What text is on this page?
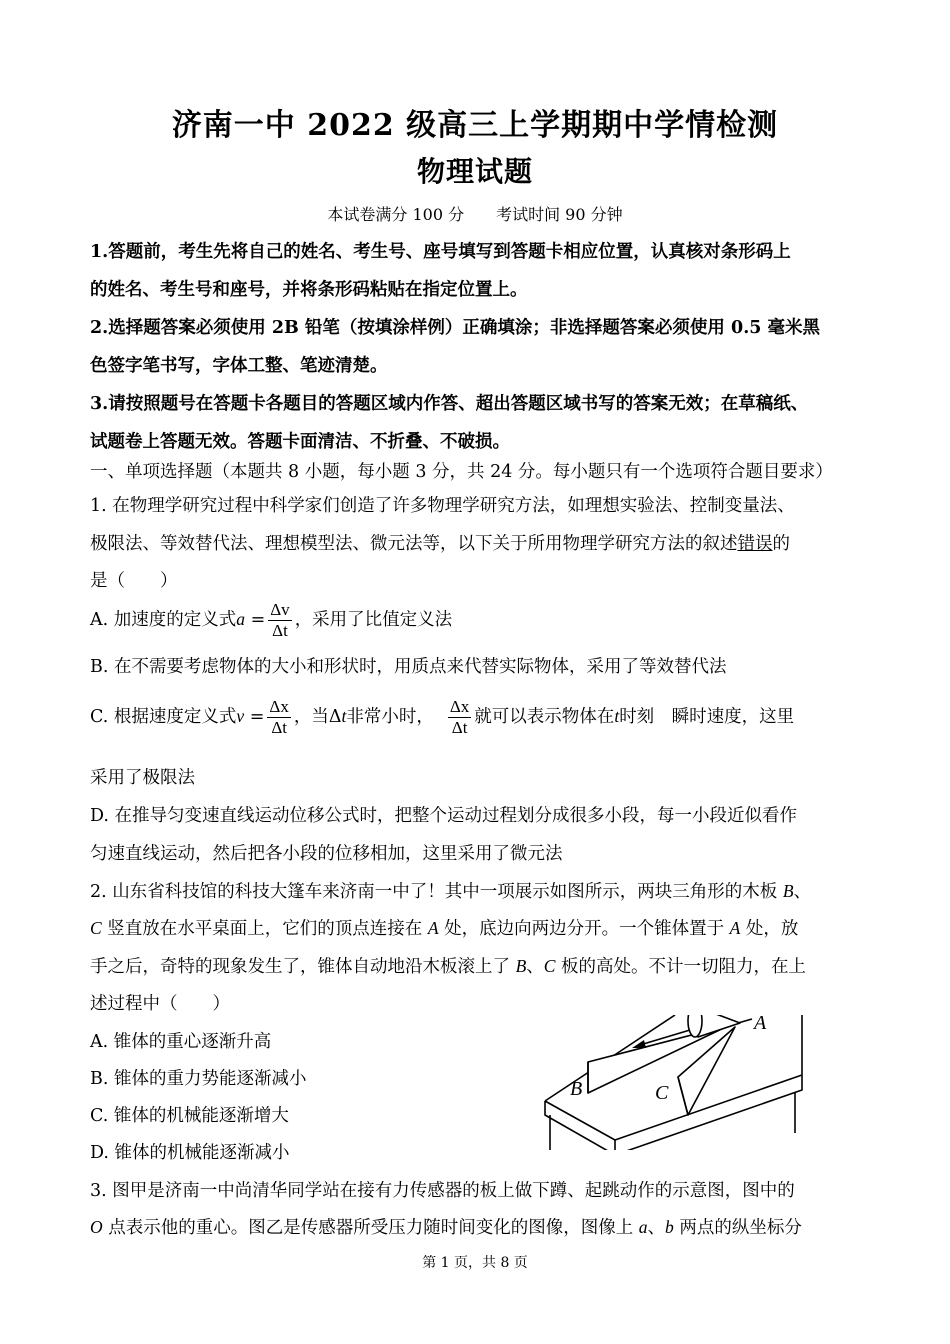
济南一中 2022 级高三上学期期中学情检测
物理试题
本试卷满分 100 分　　考试时间 90 分钟
1.答题前，考生先将自己的姓名、考生号、座号填写到答题卡相应位置，认真核对条形码上
的姓名、考生号和座号，并将条形码粘贴在指定位置上。
2.选择题答案必须使用 2B 铅笔（按填涂样例）正确填涂；非选择题答案必须使用 0.5 毫米黑
色签字笔书写，字体工整、笔迹清楚。
3.请按照题号在答题卡各题目的答题区域内作答、超出答题区域书写的答案无效；在草稿纸、
试题卷上答题无效。答题卡面清洁、不折叠、不破损。
一、单项选择题（本题共 8 小题，每小题 3 分，共 24 分。每小题只有一个选项符合题目要求）
1. 在物理学研究过程中科学家们创造了许多物理学研究方法，如理想实验法、控制变量法、
极限法、等效替代法、理想模型法、微元法等，以下关于所用物理学研究方法的叙述错误的
是（　　）
A. 加速度的定义式$a = \frac{\Delta v}{\Delta t}$ ，采用了比值定义法
B. 在不需要考虑物体的大小和形状时，用质点来代替实际物体，采用了等效替代法
C. 根据速度定义式$v = \frac{\Delta x}{\Delta t}$ ，当Δt非常小时， $\frac{\Delta x}{\Delta t}$ 就可以表示物体在t时刻　瞬时速度，这里
采用了极限法
D. 在推导匀变速直线运动位移公式时，把整个运动过程划分成很多小段，每一小段近似看作
匀速直线运动，然后把各小段的位移相加，这里采用了微元法
2. 山东省科技馆的科技大篷车来济南一中了！其中一项展示如图所示，两块三角形的木板 B、
C 竖直放在水平桌面上，它们的顶点连接在 A 处，底边向两边分开。一个锥体置于 A 处，放
手之后，奇特的现象发生了，锥体自动地沿木板滚上了 B、C 板的高处。不计一切阻力，在上
述过程中（　　）
A. 锥体的重心逐渐升高
B. 锥体的重力势能逐渐减小
C. 锥体的机械能逐渐增大
D. 锥体的机械能逐渐减小
A
B	C
3. 图甲是济南一中尚清华同学站在接有力传感器的板上做下蹲、起跳动作的示意图，图中的
O 点表示他的重心。图乙是传感器所受压力随时间变化的图像，图像上 a、b 两点的纵坐标分
第 1 页，共 8 页
